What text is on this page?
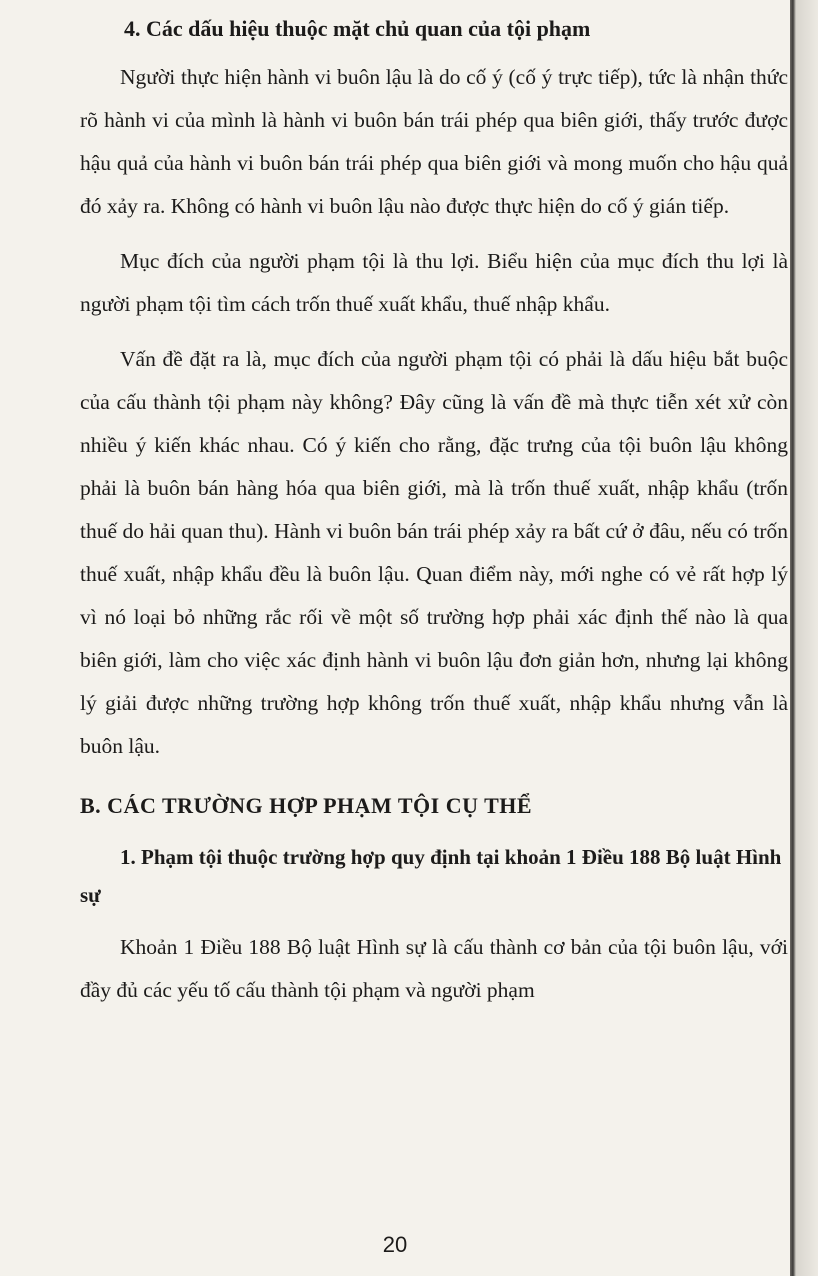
4. Các dấu hiệu thuộc mặt chủ quan của tội phạm

Người thực hiện hành vi buôn lậu là do cố ý (cố ý trực tiếp), tức là nhận thức rõ hành vi của mình là hành vi buôn bán trái phép qua biên giới, thấy trước được hậu quả của hành vi buôn bán trái phép qua biên giới và mong muốn cho hậu quả đó xảy ra. Không có hành vi buôn lậu nào được thực hiện do cố ý gián tiếp.

Mục đích của người phạm tội là thu lợi. Biểu hiện của mục đích thu lợi là người phạm tội tìm cách trốn thuế xuất khẩu, thuế nhập khẩu.

Vấn đề đặt ra là, mục đích của người phạm tội có phải là dấu hiệu bắt buộc của cấu thành tội phạm này không? Đây cũng là vấn đề mà thực tiễn xét xử còn nhiều ý kiến khác nhau. Có ý kiến cho rằng, đặc trưng của tội buôn lậu không phải là buôn bán hàng hóa qua biên giới, mà là trốn thuế xuất, nhập khẩu (trốn thuế do hải quan thu). Hành vi buôn bán trái phép xảy ra bất cứ ở đâu, nếu có trốn thuế xuất, nhập khẩu đều là buôn lậu. Quan điểm này, mới nghe có vẻ rất hợp lý vì nó loại bỏ những rắc rối về một số trường hợp phải xác định thế nào là qua biên giới, làm cho việc xác định hành vi buôn lậu đơn giản hơn, nhưng lại không lý giải được những trường hợp không trốn thuế xuất, nhập khẩu nhưng vẫn là buôn lậu.

B. CÁC TRƯỜNG HỢP PHẠM TỘI CỤ THỂ
1. Phạm tội thuộc trường hợp quy định tại khoản 1 Điều 188 Bộ luật Hình sự

Khoản 1 Điều 188 Bộ luật Hình sự là cấu thành cơ bản của tội buôn lậu, với đầy đủ các yếu tố cấu thành tội phạm và người phạm

20
